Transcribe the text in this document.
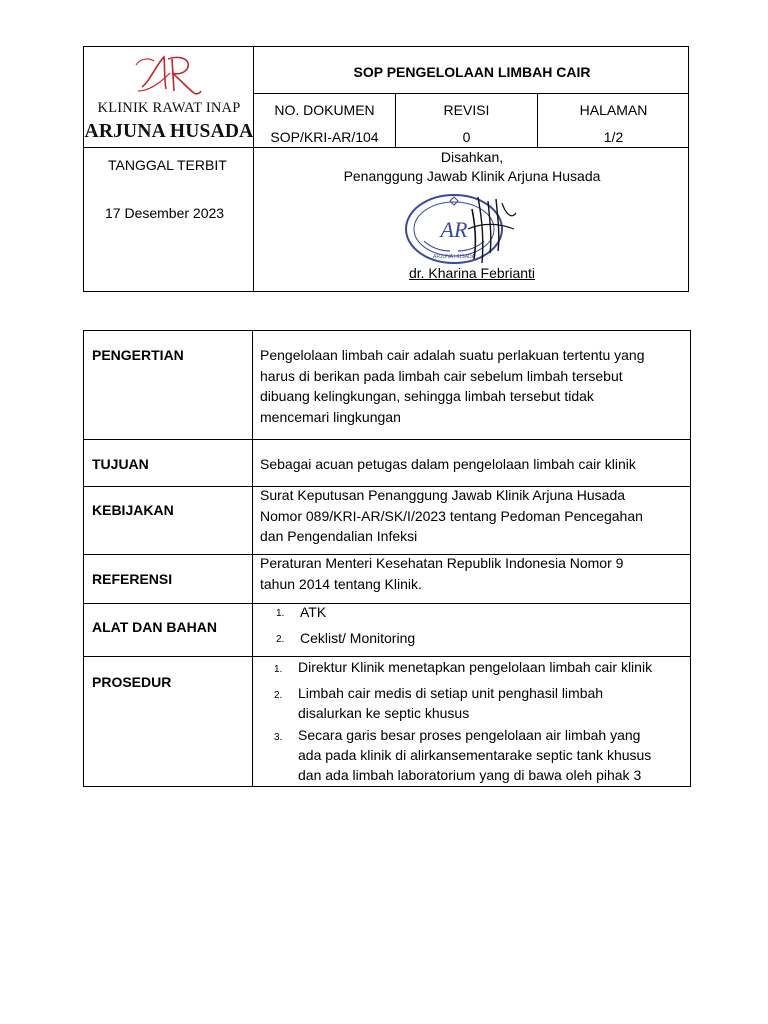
KLINIK RAWAT INAP
ARJUNA HUSADA
SOP PENGELOLAAN LIMBAH CAIR
NO. DOKUMEN
SOP/KRI-AR/104
REVISI
0
HALAMAN
1/2
TANGGAL TERBIT
17 Desember 2023
Disahkan,
Penanggung Jawab Klinik Arjuna Husada
AR
ARJUNA HUSADA
dr. Kharina Febrianti
PENGERTIAN	Pengelolaan limbah cair adalah suatu perlakuan tertentu yang
harus di berikan pada limbah cair sebelum limbah tersebut
dibuang kelingkungan, sehingga limbah tersebut tidak
mencemari lingkungan
TUJUAN	Sebagai acuan petugas dalam pengelolaan limbah cair klinik
KEBIJAKAN
Surat Keputusan Penanggung Jawab Klinik Arjuna Husada
Nomor 089/KRI-AR/SK/I/2023 tentang Pedoman Pencegahan
dan Pengendalian Infeksi
REFERENSI
Peraturan Menteri Kesehatan Republik Indonesia Nomor 9
tahun 2014 tentang Klinik.
ALAT DAN BAHAN
1. ATK
2. Ceklist/ Monitoring
PROSEDUR
1. Direktur Klinik menetapkan pengelolaan limbah cair klinik
2. Limbah cair medis di setiap unit penghasil limbah
disalurkan ke septic khusus
3. Secara garis besar proses pengelolaan air limbah yang
ada pada klinik di alirkansementarake septic tank khusus
dan ada limbah laboratorium yang di bawa oleh pihak 3
